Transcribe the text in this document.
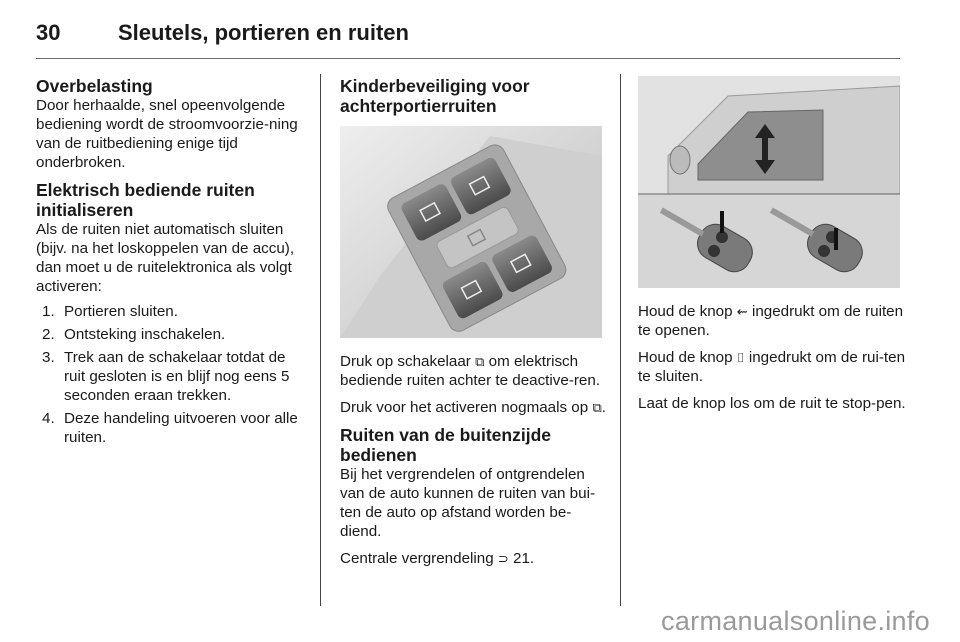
30	Sleutels, portieren en ruiten
Overbelasting

Door herhaalde, snel opeenvolgende bediening wordt de stroomvoorzie-ning van de ruitbediening enige tijd onderbroken.

Elektrisch bediende ruiten initialiseren

Als de ruiten niet automatisch sluiten (bijv. na het loskoppelen van de accu), dan moet u de ruitelektronica als volgt activeren:

1. Portieren sluiten.
2. Ontsteking inschakelen.
3. Trek aan de schakelaar totdat de ruit gesloten is en blijf nog eens 5 seconden eraan trekken.
4. Deze handeling uitvoeren voor alle ruiten.
Kinderbeveiliging voor achterportierruiten

Druk op schakelaar ⧉ om elektrisch bediende ruiten achter te deactive-ren.

Druk voor het activeren nogmaals op ⧉.

Ruiten van de buitenzijde bedienen

Bij het vergrendelen of ontgrendelen van de auto kunnen de ruiten van bui-ten de auto op afstand worden be-diend.

Centrale vergrendeling ⊃ 21.

Houd de knop ⇜ ingedrukt om de ruiten te openen.

Houd de knop ⌷ ingedrukt om de rui-ten te sluiten.

Laat de knop los om de ruit te stop-pen.

carmanualsonline.info
